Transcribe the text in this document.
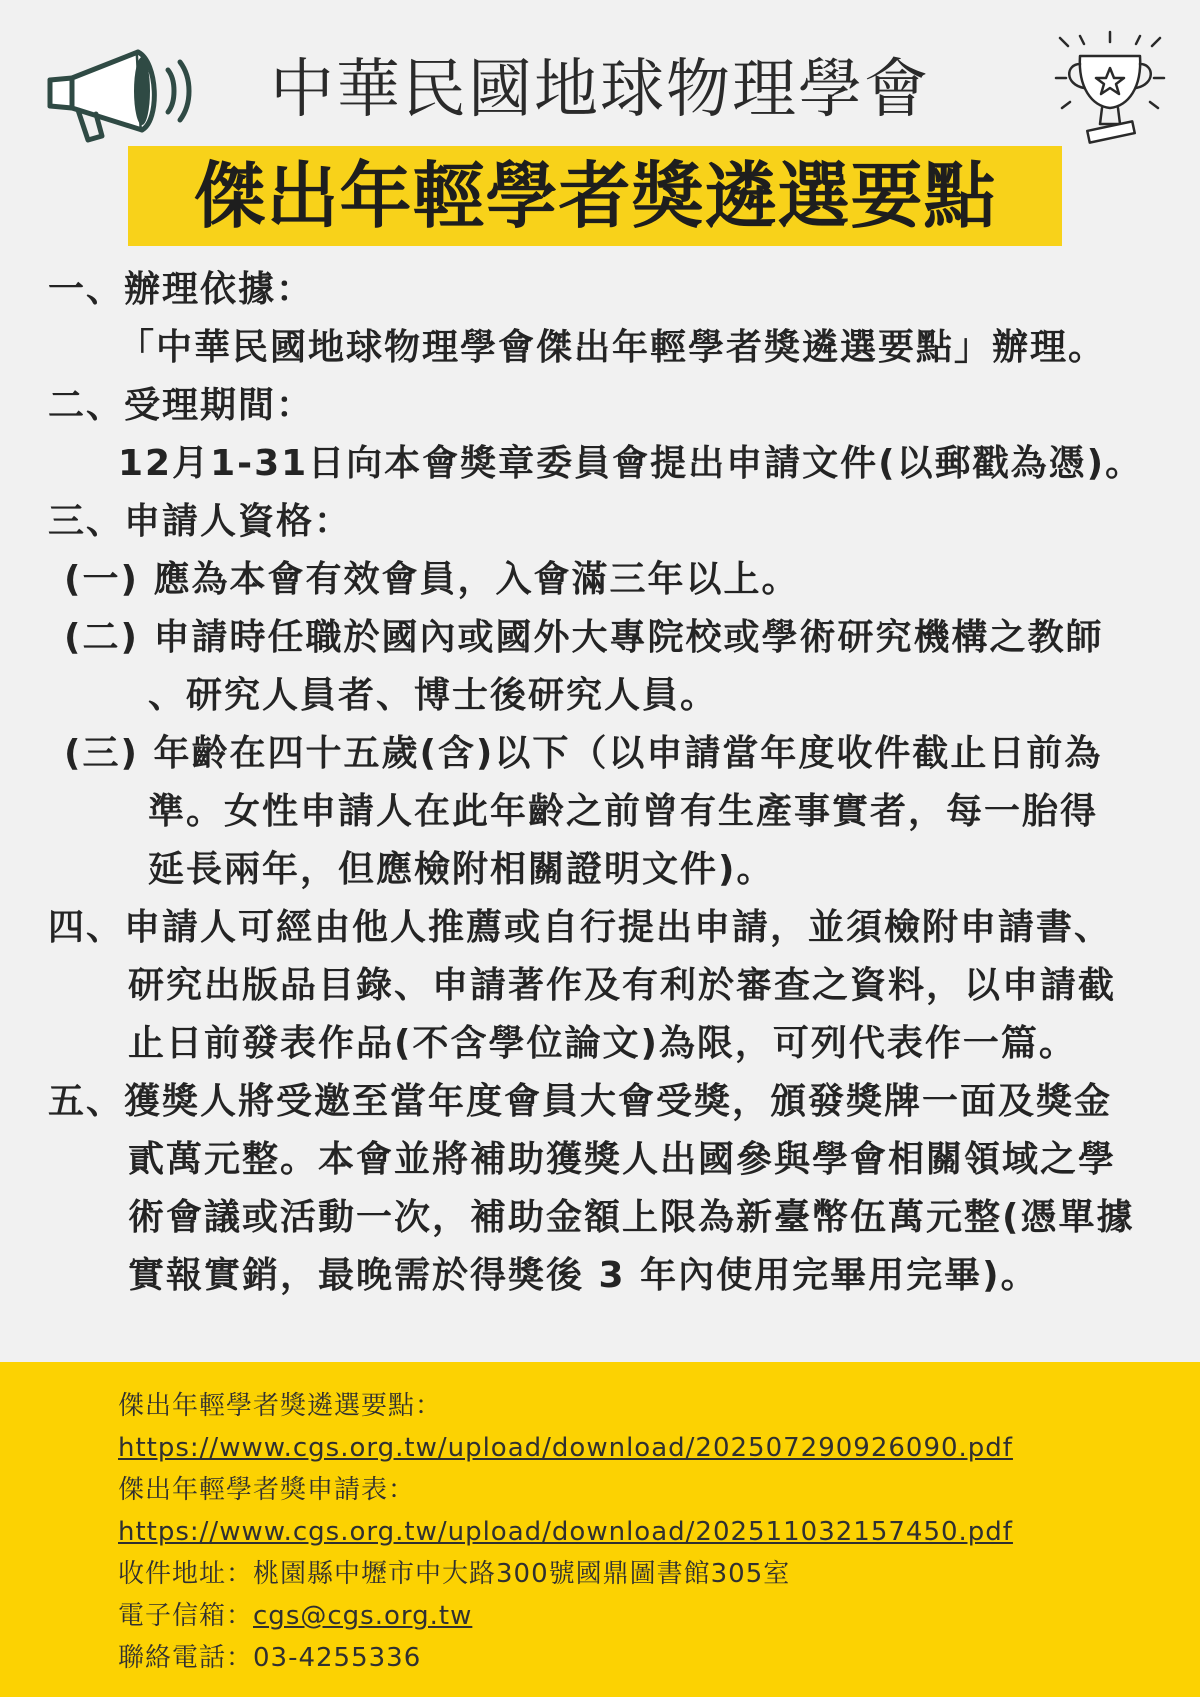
中華民國地球物理學會
傑出年輕學者獎遴選要點
一、辦理依據：
「中華民國地球物理學會傑出年輕學者獎遴選要點」辦理。
二、受理期間：
12月1-31日向本會獎章委員會提出申請文件(以郵戳為憑)。
三、申請人資格：
(一) 應為本會有效會員，入會滿三年以上。
(二) 申請時任職於國內或國外大專院校或學術研究機構之教師
、研究人員者、博士後研究人員。
(三) 年齡在四十五歲(含)以下（以申請當年度收件截止日前為
準。女性申請人在此年齡之前曾有生產事實者，每一胎得
延長兩年，但應檢附相關證明文件)。
四、申請人可經由他人推薦或自行提出申請，並須檢附申請書、
研究出版品目錄、申請著作及有利於審查之資料，以申請截
止日前發表作品(不含學位論文)為限，可列代表作一篇。
五、獲獎人將受邀至當年度會員大會受獎，頒發獎牌一面及獎金
貳萬元整。本會並將補助獲獎人出國參與學會相關領域之學
術會議或活動一次，補助金額上限為新臺幣伍萬元整(憑單據
實報實銷，最晚需於得獎後 3 年內使用完畢用完畢)。
傑出年輕學者獎遴選要點：
https://www.cgs.org.tw/upload/download/202507290926090.pdf
傑出年輕學者獎申請表：
https://www.cgs.org.tw/upload/download/202511032157450.pdf
收件地址：桃園縣中壢市中大路300號國鼎圖書館305室
電子信箱：cgs@cgs.org.tw
聯絡電話：03-4255336
